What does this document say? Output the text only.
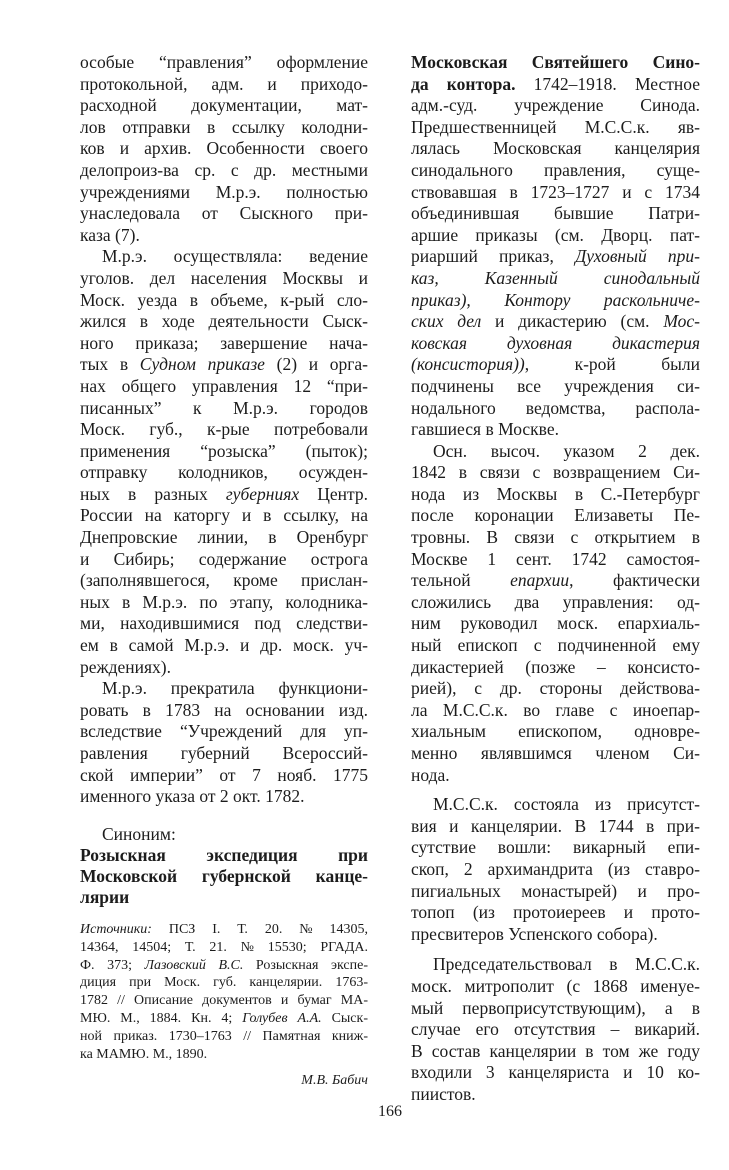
особые “правления” оформление
протокольной, адм. и приходо-
расходной документации, мат-
лов отправки в ссылку колодни-
ков и архив. Особенности своего
делопроиз-ва ср. с др. местными
учреждениями М.р.э. полностью
унаследовала от Сыскного при-
каза (7).
М.р.э. осуществляла: ведение
уголов. дел населения Москвы и
Моск. уезда в объеме, к-рый сло-
жился в ходе деятельности Сыск-
ного приказа; завершение нача-
тых в Судном приказе (2) и орга-
нах общего управления 12 “при-
писанных” к М.р.э. городов
Моск. губ., к-рые потребовали
применения “розыска” (пыток);
отправку колодников, осужден-
ных в разных губерниях Центр.
России на каторгу и в ссылку, на
Днепровские линии, в Оренбург
и Сибирь; содержание острога
(заполнявшегося, кроме прислан-
ных в М.р.э. по этапу, колодника-
ми, находившимися под следстви-
ем в самой М.р.э. и др. моск. уч-
реждениях).
М.р.э. прекратила функциони-
ровать в 1783 на основании изд.
вследствие “Учреждений для уп-
равления губерний Всероссий-
ской империи” от 7 нояб. 1775
именного указа от 2 окт. 1782.
Синоним:
Розыскная экспедиция при
Московской губернской канце-
лярии
Источники: ПСЗ I. Т. 20. № 14305,
14364, 14504; Т. 21. № 15530; РГАДА.
Ф. 373; Лазовский В.С. Розыскная экспе-
диция при Моск. губ. канцелярии. 1763-
1782 // Описание документов и бумаг МА-
МЮ. М., 1884. Кн. 4; Голубев А.А. Сыск-
ной приказ. 1730–1763 // Памятная книж-
ка МАМЮ. М., 1890.
М.В. Бабич
Московская Святейшего Сино-
да контора. 1742–1918. Местное
адм.-суд. учреждение Синода.
Предшественницей М.С.С.к. яв-
лялась Московская канцелярия
синодального правления, суще-
ствовавшая в 1723–1727 и с 1734
объединившая бывшие Патри-
аршие приказы (см. Дворц. пат-
риарший приказ, Духовный при-
каз, Казенный синодальный
приказ), Контору раскольниче-
ских дел и дикастерию (см. Мос-
ковская духовная дикастерия
(консистория)), к-рой были
подчинены все учреждения си-
нодального ведомства, распола-
гавшиеся в Москве.
Осн. высоч. указом 2 дек.
1842 в связи с возвращением Си-
нода из Москвы в С.-Петербург
после коронации Елизаветы Пе-
тровны. В связи с открытием в
Москве 1 сент. 1742 самостоя-
тельной епархии, фактически
сложились два управления: од-
ним руководил моск. епархиаль-
ный епископ с подчиненной ему
дикастерией (позже – консисто-
рией), с др. стороны действова-
ла М.С.С.к. во главе с иноепар-
хиальным епископом, одновре-
менно являвшимся членом Си-
нода.
М.С.С.к. состояла из присутст-
вия и канцелярии. В 1744 в при-
сутствие вошли: викарный епи-
скоп, 2 архимандрита (из ставро-
пигиальных монастырей) и про-
топоп (из протоиереев и прото-
пресвитеров Успенского собора).
Председательствовал в М.С.С.к.
моск. митрополит (с 1868 именуе-
мый первоприсутствующим), а в
случае его отсутствия – викарий.
В состав канцелярии в том же году
входили 3 канцеляриста и 10 ко-
пиистов.
166
